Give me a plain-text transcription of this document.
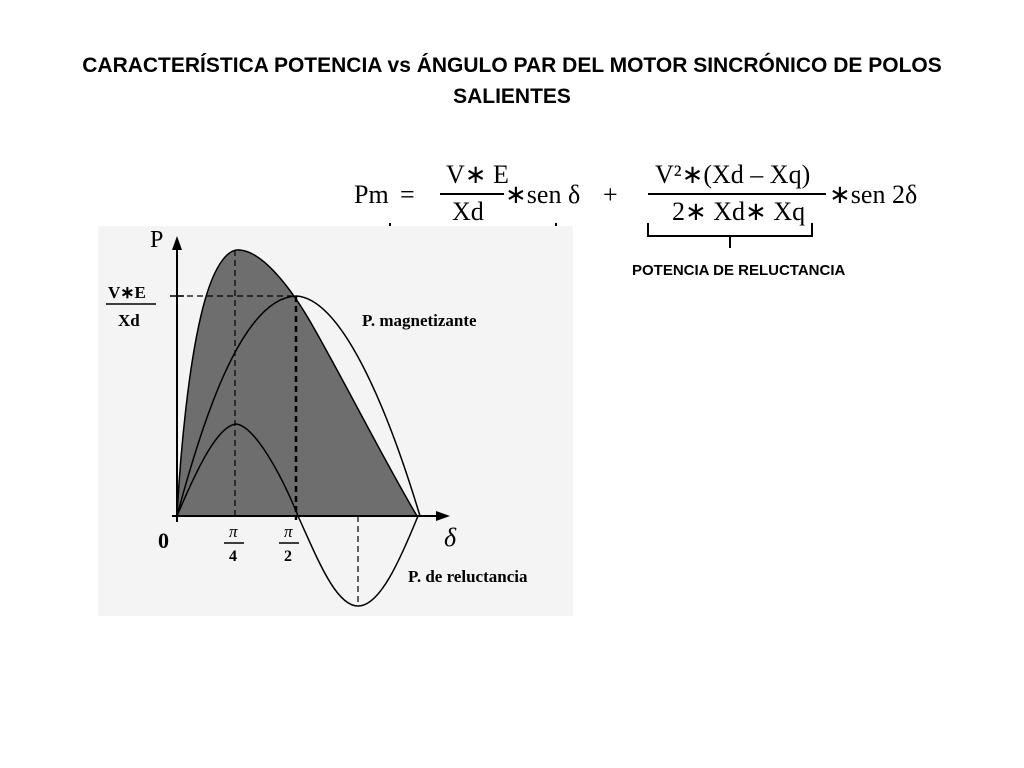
CARACTERÍSTICA POTENCIA vs ÁNGULO PAR DEL MOTOR SINCRÓNICO DE POLOS SALIENTES
Pm =
V∗ E
Xd
∗sen δ +
V²∗(Xd – Xq)
2∗ Xd∗ Xq
∗sen 2δ
POTENCIA DE RELUCTANCIA
P
δ
0
V∗E
Xd
π
4
π
2
P. magnetizante
P. de reluctancia
